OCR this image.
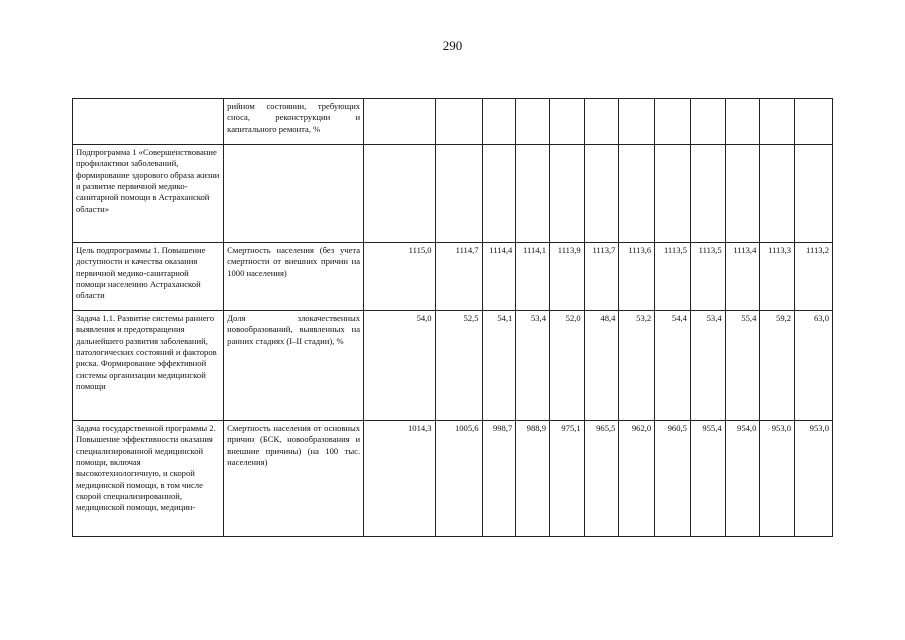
290
	рийном состоянии, требующих сноса, реконструкции и капитального ремонта, %												
Подпрограмма 1 «Совершенствование профилактики заболеваний, формирование здорового образа жизни и развитие первичной медико-санитарной помощи в Астраханской области»													
Цель подпрограммы 1. Повышение доступности и качества оказания первичной медико-санитарной помощи населению Астраханской области	Смертность населения (без учета смертности от внешних причин на 1000 населения)	1115,0	1114,7	1114,4	1114,1	1113,9	1113,7	1113,6	1113,5	1113,5	1113,4	1113,3	1113,2
Задача 1.1. Развитие системы раннего выявления и предотвращения дальнейшего развития заболеваний, патологических состояний и факторов риска. Формирование эффективной системы организации медицинской помощи	Доля злокачественных новообразований, выявленных на ранних стадиях (I–II стадии), %	54,0	52,5	54,1	53,4	52,0	48,4	53,2	54,4	53,4	55,4	59,2	63,0
Задача государственной программы 2. Повышение эффективности оказания специализированной медицинской помощи, включая высокотехнологичную, и скорой медицинской помощи, в том числе скорой специализированной, медицинской помощи, медицин-	Смертность населения от основных причин (БСК, новообразования и внешние причины) (на 100 тыс. населения)	1014,3	1005,6	998,7	988,9	975,1	965,5	962,0	960,5	955,4	954,0	953,0	953,0
